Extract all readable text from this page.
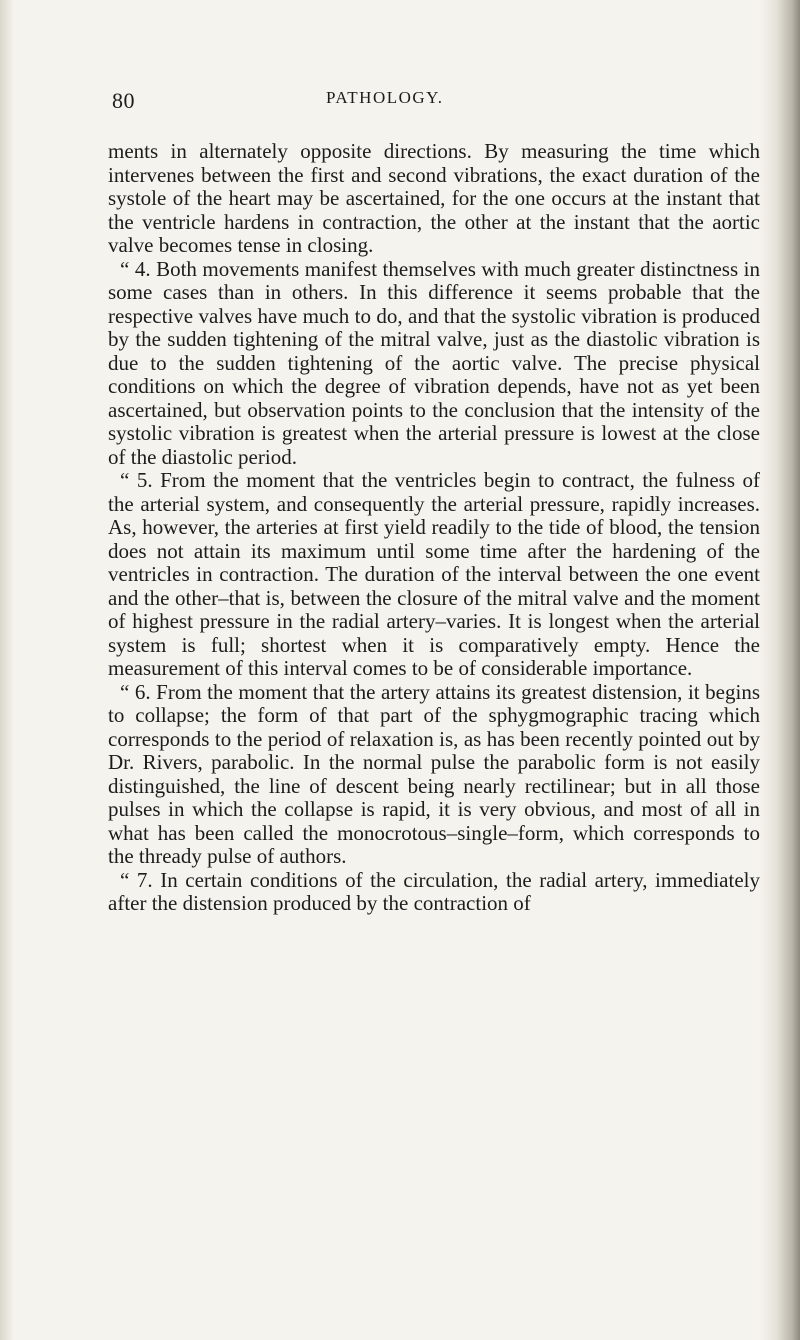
80	PATHOLOGY.

ments in alternately opposite directions. By measuring the time which intervenes between the first and second vibrations, the exact duration of the systole of the heart may be ascertained, for the one occurs at the instant that the ventricle hardens in contraction, the other at the instant that the aortic valve becomes tense in closing.

“ 4. Both movements manifest themselves with much greater distinctness in some cases than in others. In this difference it seems probable that the respective valves have much to do, and that the systolic vibration is produced by the sudden tightening of the mitral valve, just as the diastolic vibration is due to the sudden tightening of the aortic valve. The precise physical conditions on which the degree of vibration depends, have not as yet been ascertained, but observation points to the conclusion that the intensity of the systolic vibration is greatest when the arterial pressure is lowest at the close of the diastolic period.

“ 5. From the moment that the ventricles begin to contract, the fulness of the arterial system, and consequently the arterial pressure, rapidly increases. As, however, the arteries at first yield readily to the tide of blood, the tension does not attain its maximum until some time after the hardening of the ventricles in contraction. The duration of the interval between the one event and the other–that is, between the closure of the mitral valve and the moment of highest pressure in the radial artery–varies. It is longest when the arterial system is full; shortest when it is comparatively empty. Hence the measurement of this interval comes to be of considerable importance.

“ 6. From the moment that the artery attains its greatest distension, it begins to collapse; the form of that part of the sphygmographic tracing which corresponds to the period of relaxation is, as has been recently pointed out by Dr. Rivers, parabolic. In the normal pulse the parabolic form is not easily distinguished, the line of descent being nearly rectilinear; but in all those pulses in which the collapse is rapid, it is very obvious, and most of all in what has been called the monocrotous–single–form, which corresponds to the thready pulse of authors.

“ 7. In certain conditions of the circulation, the radial artery, immediately after the distension produced by the contraction of
